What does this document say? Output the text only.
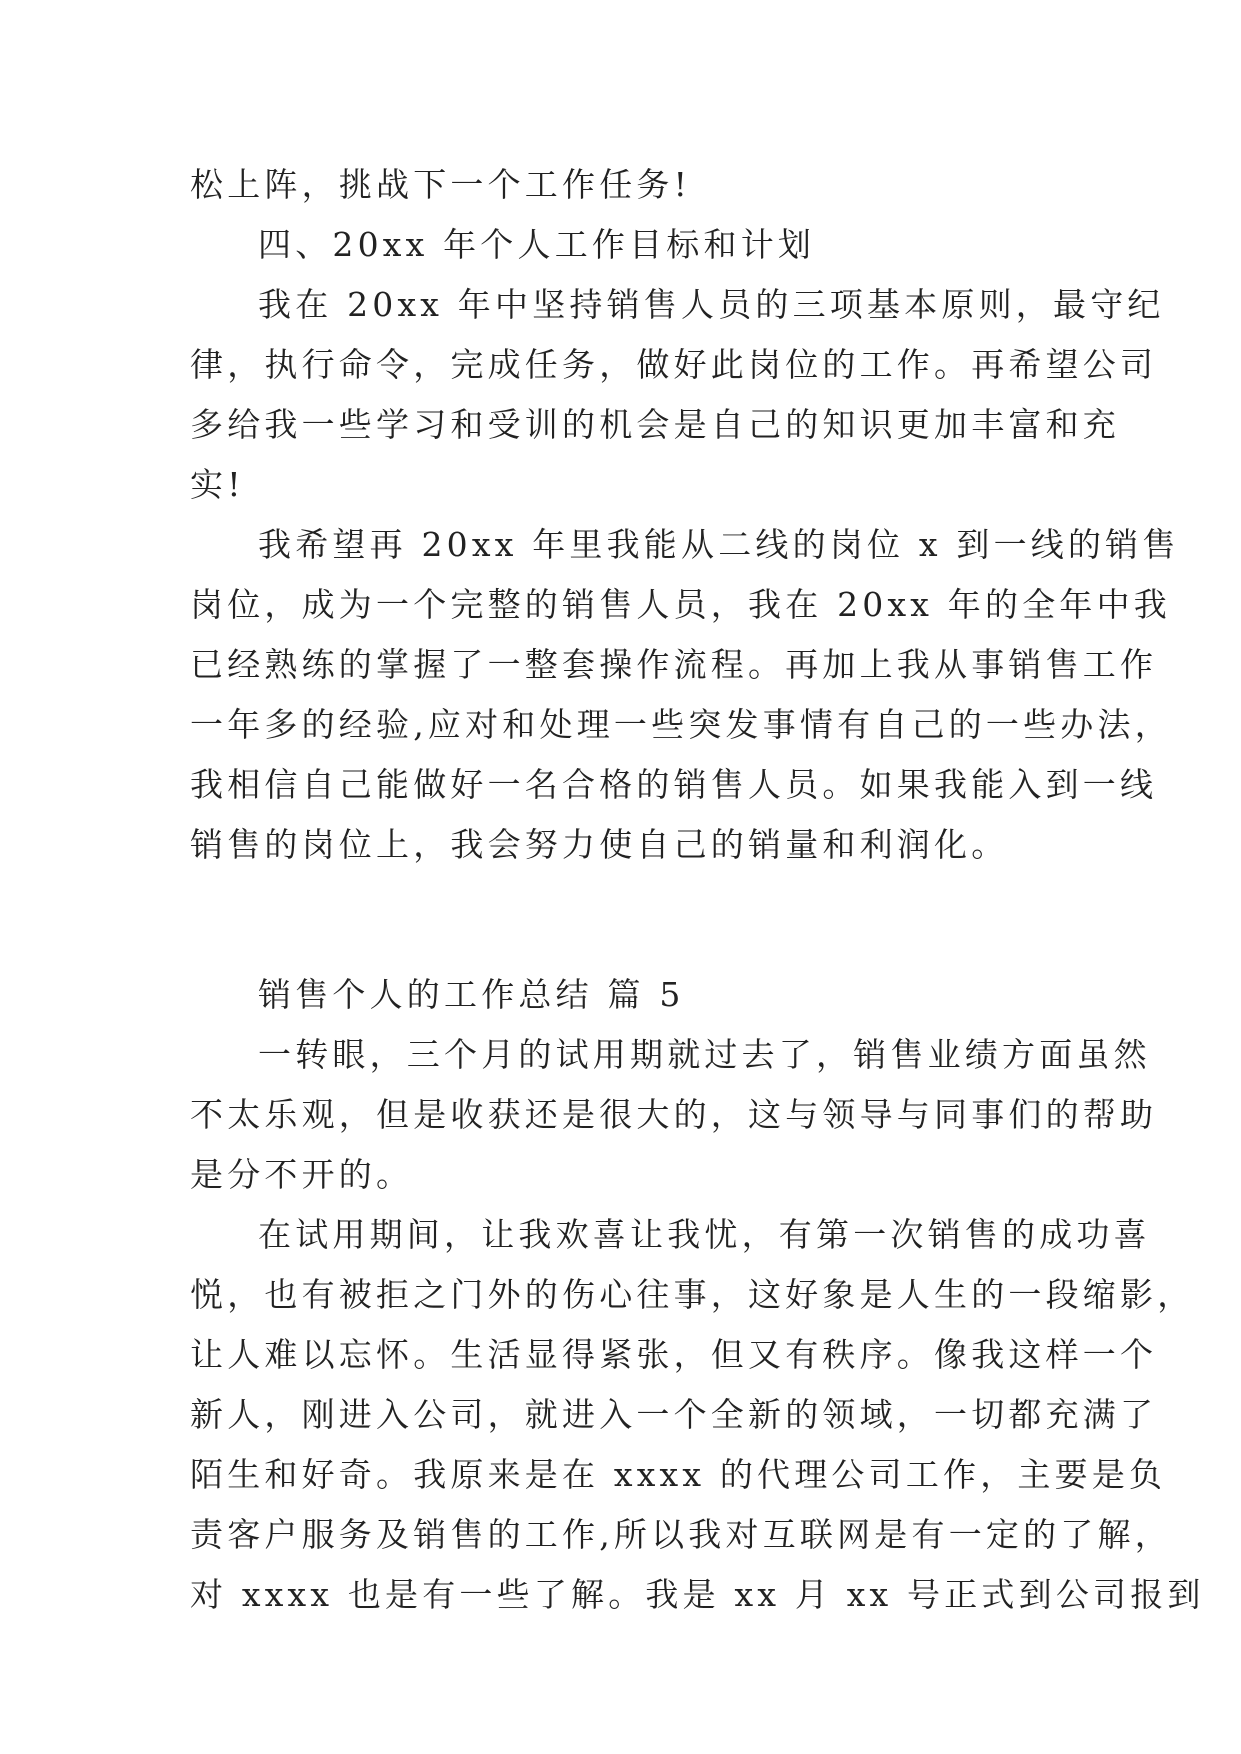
松上阵，挑战下一个工作任务!
四、20xx 年个人工作目标和计划
我在 20xx 年中坚持销售人员的三项基本原则，最守纪
律，执行命令，完成任务，做好此岗位的工作。再希望公司
多给我一些学习和受训的机会是自己的知识更加丰富和充
实!
我希望再 20xx 年里我能从二线的岗位 x 到一线的销售
岗位，成为一个完整的销售人员，我在 20xx 年的全年中我
已经熟练的掌握了一整套操作流程。再加上我从事销售工作
一年多的经验,应对和处理一些突发事情有自己的一些办法，
我相信自己能做好一名合格的销售人员。如果我能入到一线
销售的岗位上，我会努力使自己的销量和利润化。
销售个人的工作总结 篇 5
一转眼，三个月的试用期就过去了，销售业绩方面虽然
不太乐观，但是收获还是很大的，这与领导与同事们的帮助
是分不开的。
在试用期间，让我欢喜让我忧，有第一次销售的成功喜
悦，也有被拒之门外的伤心往事，这好象是人生的一段缩影，
让人难以忘怀。生活显得紧张，但又有秩序。像我这样一个
新人，刚进入公司，就进入一个全新的领域，一切都充满了
陌生和好奇。我原来是在 xxxx 的代理公司工作，主要是负
责客户服务及销售的工作,所以我对互联网是有一定的了解，
对 xxxx 也是有一些了解。我是 xx 月 xx 号正式到公司报到
